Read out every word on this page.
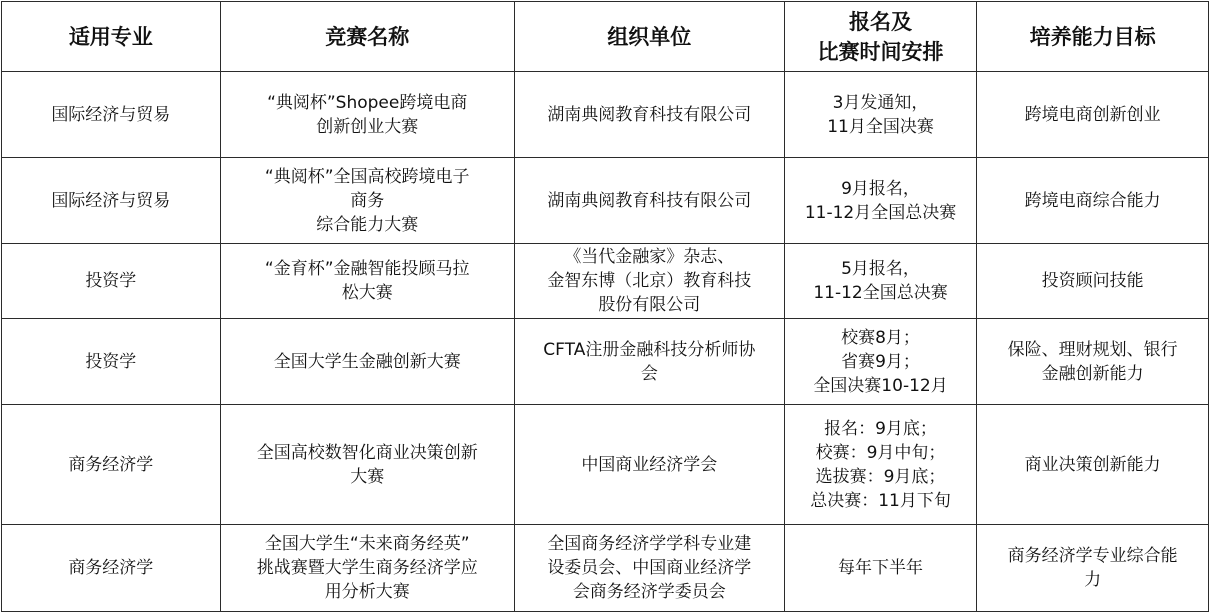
适用专业	竞赛名称	组织单位	报名及
比赛时间安排	培养能力目标

国际经济与贸易	“典阅杯”Shopee跨境电商
创新创业大赛	湖南典阅教育科技有限公司	3月发通知，
11月全国决赛	跨境电商创新创业

国际经济与贸易	“典阅杯”全国高校跨境电子
商务
综合能力大赛	湖南典阅教育科技有限公司	9月报名，
11-12月全国总决赛	跨境电商综合能力

投资学	“金育杯”金融智能投顾马拉
松大赛	《当代金融家》杂志、
金智东博（北京）教育科技
股份有限公司	5月报名，
11-12全国总决赛	投资顾问技能

投资学	全国大学生金融创新大赛	CFTA注册金融科技分析师协
会	校赛8月；
省赛9月；
全国决赛10-12月	保险、理财规划、银行
金融创新能力

商务经济学	全国高校数智化商业决策创新
大赛	中国商业经济学会	报名：9月底；
校赛：9月中旬；
选拔赛：9月底；
总决赛：11月下旬	商业决策创新能力

商务经济学	全国大学生“未来商务经英”
挑战赛暨大学生商务经济学应
用分析大赛	全国商务经济学学科专业建
设委员会、中国商业经济学
会商务经济学委员会	每年下半年	商务经济学专业综合能
力
